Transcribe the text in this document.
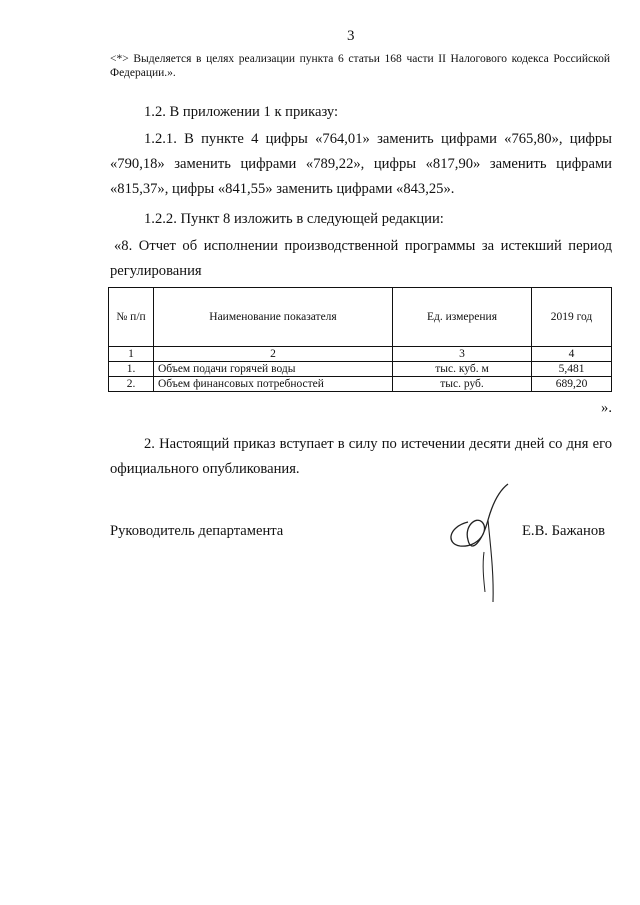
3
<*> Выделяется в целях реализации пункта 6 статьи 168 части II Налогового кодекса Российской Федерации.».
1.2. В приложении 1 к приказу:
1.2.1. В пункте 4 цифры «764,01» заменить цифрами «765,80», цифры «790,18» заменить цифрами «789,22», цифры «817,90» заменить цифрами «815,37», цифры «841,55» заменить цифрами «843,25».
1.2.2. Пункт 8 изложить в следующей редакции:
«8. Отчет об исполнении производственной программы за истекший период регулирования
№ п/п	Наименование показателя	Ед. измерения	2019 год
1	2	3	4
1.	Объем подачи горячей воды	тыс. куб. м	5,481
2.	Объем финансовых потребностей	тыс. руб.	689,20
».
2. Настоящий приказ вступает в силу по истечении десяти дней со дня его официального опубликования.
Руководитель департамента	Е.В. Бажанов
